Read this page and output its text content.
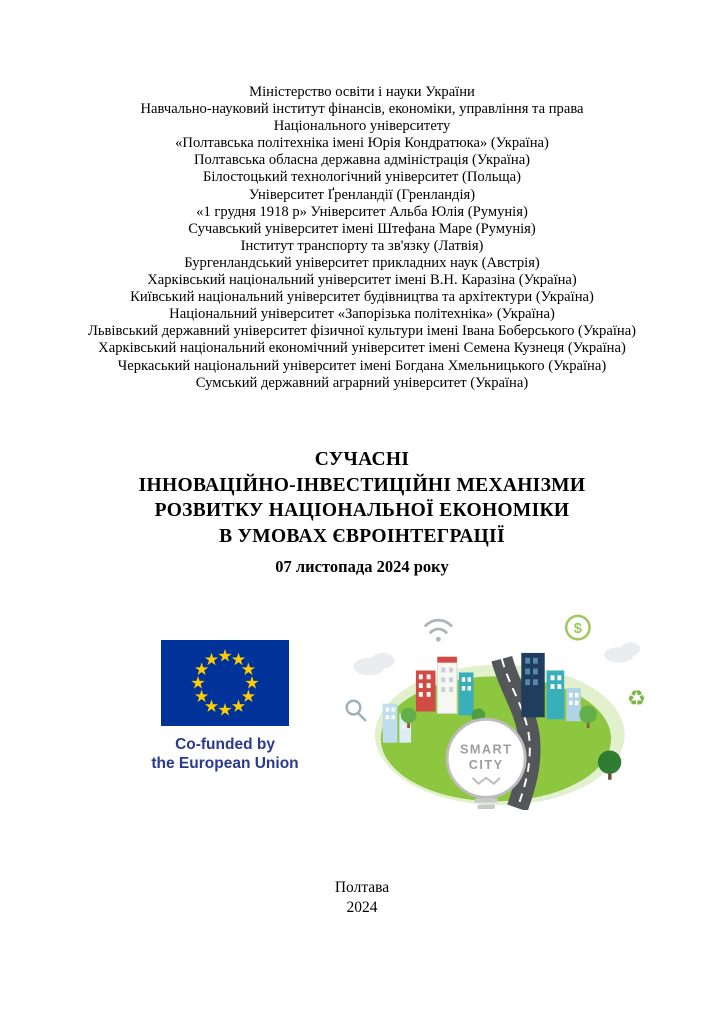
Міністерство освіти і науки України
Навчально-науковий інститут фінансів, економіки, управління та права
Національного університету
«Полтавська політехніка імені Юрія Кондратюка» (Україна)
Полтавська обласна державна адміністрація (Україна)
Білостоцький технологічний університет (Польща)
Університет Ґренландії (Гренландія)
«1 грудня 1918 р» Університет Альба Юлія (Румунія)
Сучавський університет імені Штефана Маре (Румунія)
Інститут транспорту та зв'язку (Латвія)
Бургенландський університет прикладних наук (Австрія)
Харківський національний університет імені В.Н. Каразіна (Україна)
Київський національний університет будівництва та архітектури (Україна)
Національний університет «Запорізька політехніка» (Україна)
Львівський державний університет фізичної культури імені Івана Боберського (Україна)
Харківський національний економічний університет імені Семена Кузнеця (Україна)
Черкаський національний університет імені Богдана Хмельницького (Україна)
Сумський державний аграрний університет (Україна)
СУЧАСНІ
ІННОВАЦІЙНО-ІНВЕСТИЦІЙНІ МЕХАНІЗМИ
РОЗВИТКУ НАЦІОНАЛЬНОЇ ЕКОНОМІКИ
В УМОВАХ ЄВРОІНТЕГРАЦІЇ
07 листопада 2024 року
Co-funded by
the European Union
$
♻
SMART
CITY
Полтава
2024
